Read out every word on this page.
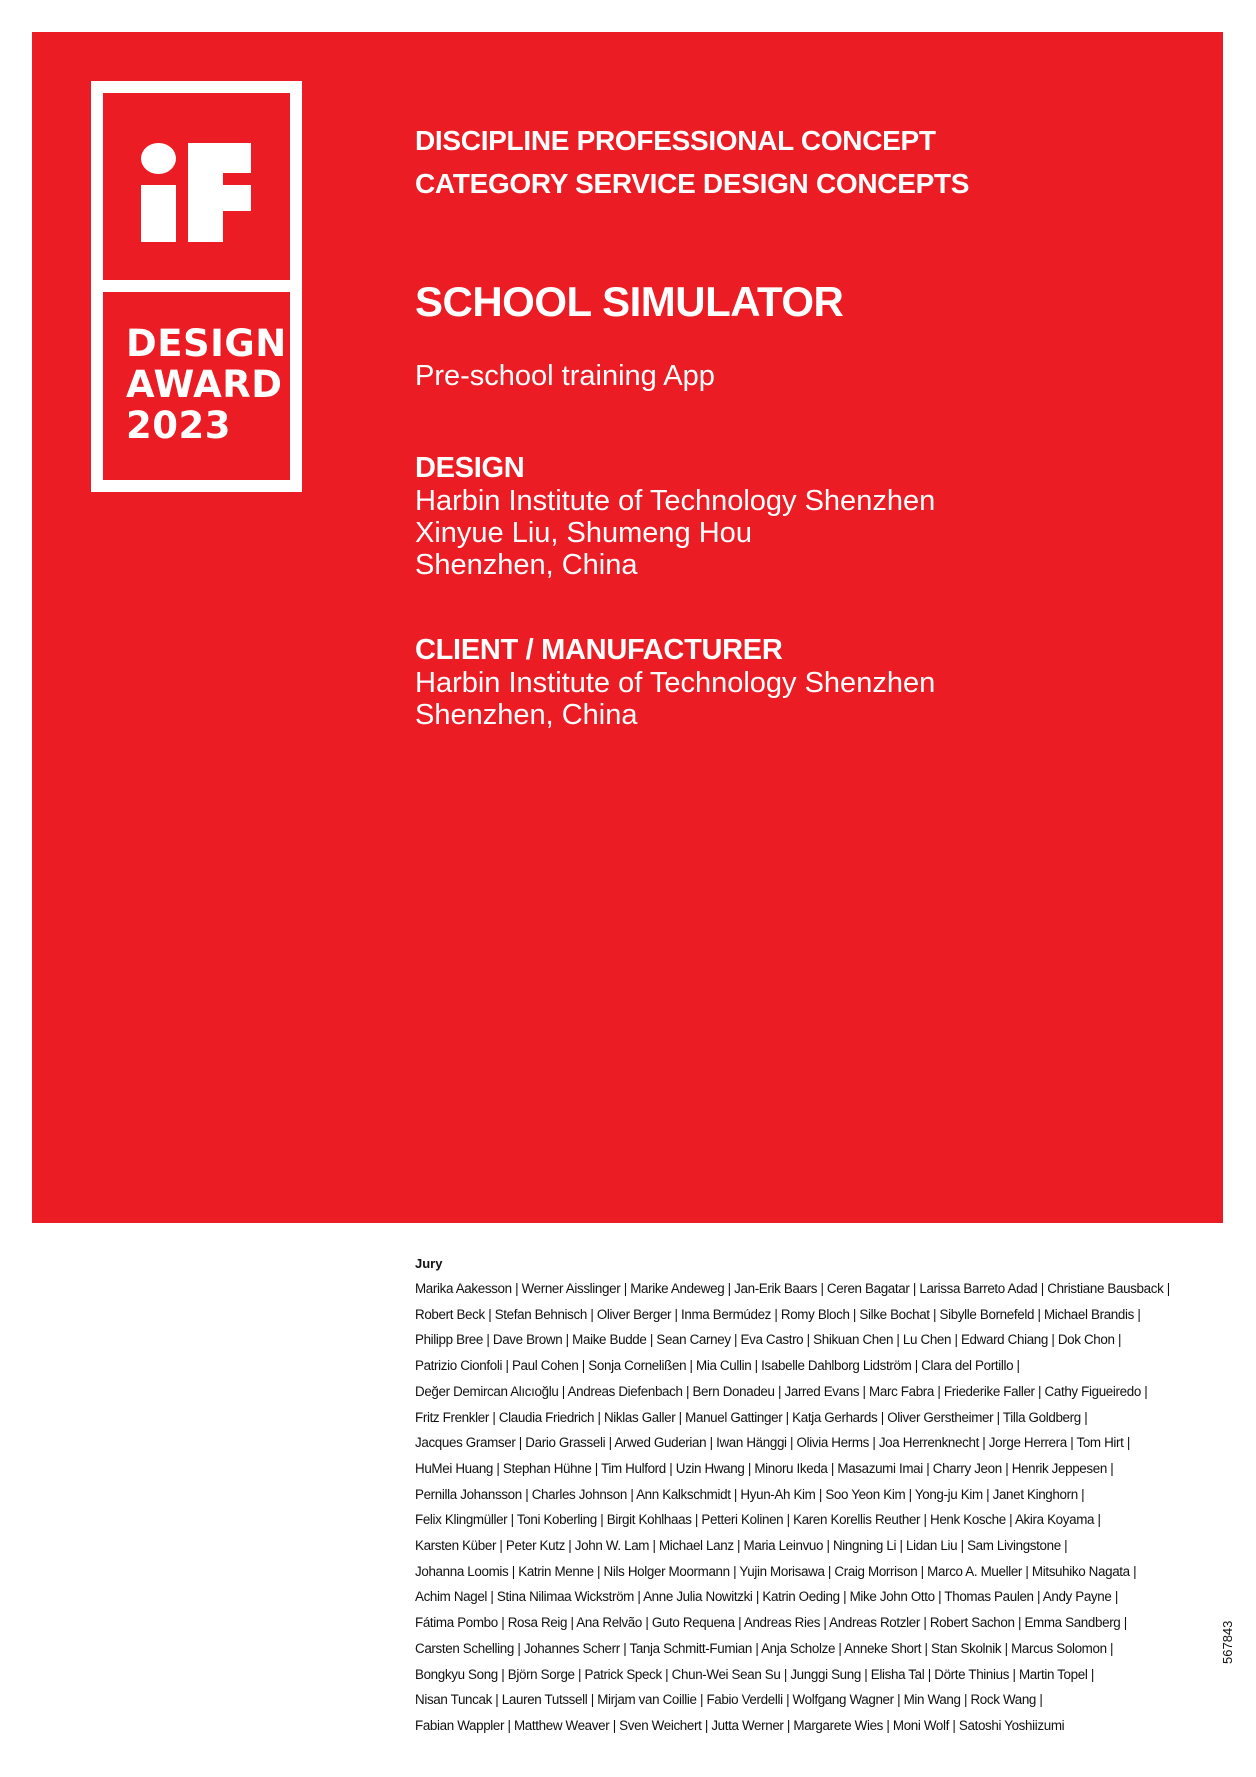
DESIGN
AWARD
2023
DISCIPLINE PROFESSIONAL CONCEPT
CATEGORY SERVICE DESIGN CONCEPTS
SCHOOL SIMULATOR
Pre-school training App
DESIGN
Harbin Institute of Technology Shenzhen
Xinyue Liu, Shumeng Hou
Shenzhen, China
CLIENT / MANUFACTURER
Harbin Institute of Technology Shenzhen
Shenzhen, China
Jury
Marika Aakesson | Werner Aisslinger | Marike Andeweg | Jan-Erik Baars | Ceren Bagatar | Larissa Barreto Adad | Christiane Bausback |
Robert Beck | Stefan Behnisch | Oliver Berger | Inma Bermúdez | Romy Bloch | Silke Bochat | Sibylle Bornefeld | Michael Brandis |
Philipp Bree | Dave Brown | Maike Budde | Sean Carney | Eva Castro | Shikuan Chen | Lu Chen | Edward Chiang | Dok Chon |
Patrizio Cionfoli | Paul Cohen | Sonja Cornelißen | Mia Cullin | Isabelle Dahlborg Lidström | Clara del Portillo |
Değer Demircan Alıcıoğlu | Andreas Diefenbach | Bern Donadeu | Jarred Evans | Marc Fabra | Friederike Faller | Cathy Figueiredo |
Fritz Frenkler | Claudia Friedrich | Niklas Galler | Manuel Gattinger | Katja Gerhards | Oliver Gerstheimer | Tilla Goldberg |
Jacques Gramser | Dario Grasseli | Arwed Guderian | Iwan Hänggi | Olivia Herms | Joa Herrenknecht | Jorge Herrera | Tom Hirt |
HuMei Huang | Stephan Hühne | Tim Hulford | Uzin Hwang | Minoru Ikeda | Masazumi Imai | Charry Jeon | Henrik Jeppesen |
Pernilla Johansson | Charles Johnson | Ann Kalkschmidt | Hyun-Ah Kim | Soo Yeon Kim | Yong-ju Kim | Janet Kinghorn |
Felix Klingmüller | Toni Koberling | Birgit Kohlhaas | Petteri Kolinen | Karen Korellis Reuther | Henk Kosche | Akira Koyama |
Karsten Küber | Peter Kutz | John W. Lam | Michael Lanz | Maria Leinvuo | Ningning Li | Lidan Liu | Sam Livingstone |
Johanna Loomis | Katrin Menne | Nils Holger Moormann | Yujin Morisawa | Craig Morrison | Marco A. Mueller | Mitsuhiko Nagata |
Achim Nagel | Stina Nilimaa Wickström | Anne Julia Nowitzki | Katrin Oeding | Mike John Otto | Thomas Paulen | Andy Payne |
Fátima Pombo | Rosa Reig | Ana Relvão | Guto Requena | Andreas Ries | Andreas Rotzler | Robert Sachon | Emma Sandberg |
Carsten Schelling | Johannes Scherr | Tanja Schmitt-Fumian | Anja Scholze | Anneke Short | Stan Skolnik | Marcus Solomon |
Bongkyu Song | Björn Sorge | Patrick Speck | Chun-Wei Sean Su | Junggi Sung | Elisha Tal | Dörte Thinius | Martin Topel |
Nisan Tuncak | Lauren Tutssell | Mirjam van Coillie | Fabio Verdelli | Wolfgang Wagner | Min Wang | Rock Wang |
Fabian Wappler | Matthew Weaver | Sven Weichert | Jutta Werner | Margarete Wies | Moni Wolf | Satoshi Yoshiizumi
567843
